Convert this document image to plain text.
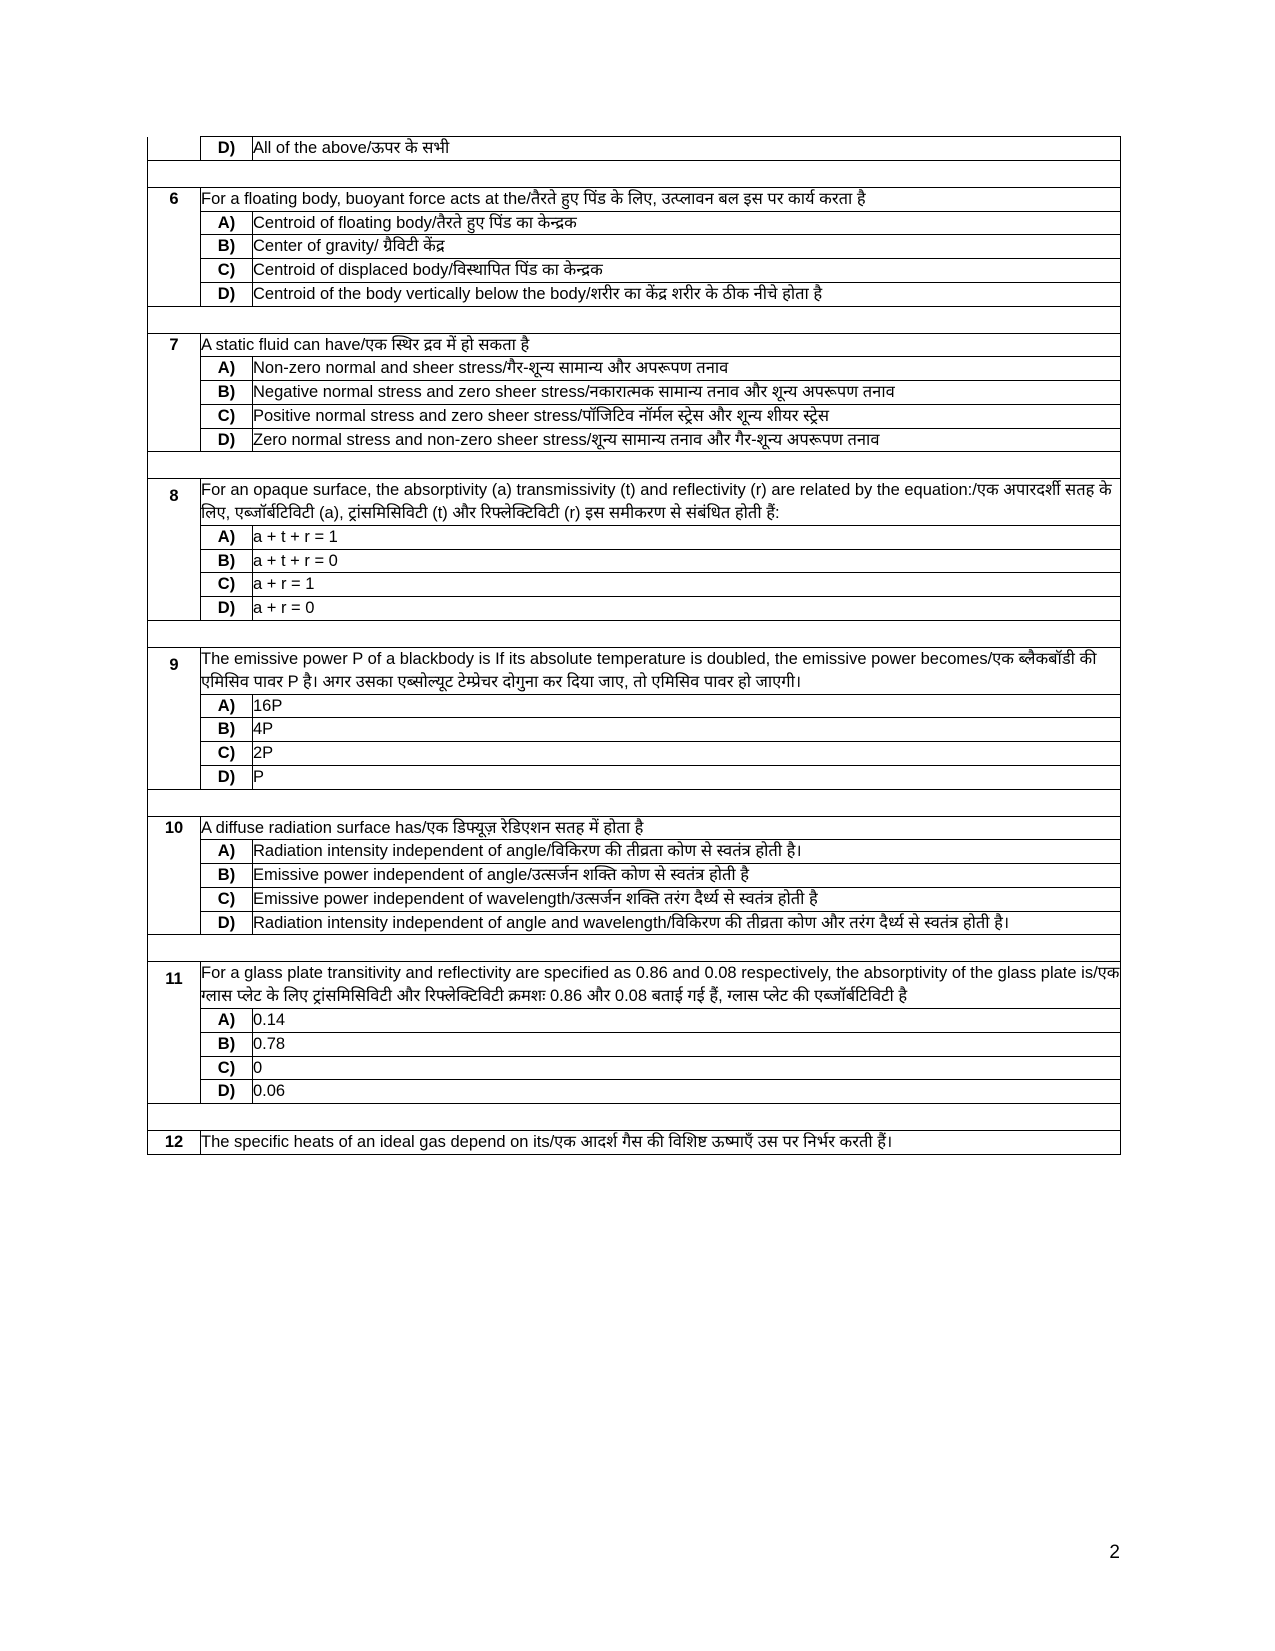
	D)	All of the above/ऊपर के सभी

6	For a floating body, buoyant force acts at the/तैरते हुए पिंड के लिए, उत्प्लावन बल इस पर कार्य करता है	
	A)	Centroid of floating body/तैरते हुए पिंड का केन्द्रक
	B)	Center of gravity/ ग्रैविटी केंद्र
	C)	Centroid of displaced body/विस्थापित पिंड का केन्द्रक
	D)	Centroid of the body vertically below the body/शरीर का केंद्र शरीर के ठीक नीचे होता है

7	A static fluid can have/एक स्थिर द्रव में हो सकता है	
	A)	Non-zero normal and sheer stress/गैर-शून्य सामान्य और अपरूपण तनाव
	B)	Negative normal stress and zero sheer stress/नकारात्मक सामान्य तनाव और शून्य अपरूपण तनाव
	C)	Positive normal stress and zero sheer stress/पॉजिटिव नॉर्मल स्ट्रेस और शून्य शीयर स्ट्रेस
	D)	Zero normal stress and non-zero sheer stress/शून्य सामान्य तनाव और गैर-शून्य अपरूपण तनाव

8	For an opaque surface, the absorptivity (a) transmissivity (t) and reflectivity (r) are related by the equation:/एक अपारदर्शी सतह के लिए, एब्जॉर्बटिविटी (a), ट्रांसमिसिविटी (t) और रिफ्लेक्टिविटी (r) इस समीकरण से संबंधित होती हैं:	
	A)	a + t + r = 1
	B)	a + t + r = 0
	C)	a + r = 1
	D)	a + r = 0

9	The emissive power P of a blackbody is If its absolute temperature is doubled, the emissive power becomes/एक ब्लैकबॉडी की एमिसिव पावर P है। अगर उसका एब्सोल्यूट टेम्प्रेचर दोगुना कर दिया जाए, तो एमिसिव पावर हो जाएगी।	
	A)	16P
	B)	4P
	C)	2P
	D)	P

10	A diffuse radiation surface has/एक डिफ्यूज़ रेडिएशन सतह में होता है	
	A)	Radiation intensity independent of angle/विकिरण की तीव्रता कोण से स्वतंत्र होती है।
	B)	Emissive power independent of angle/उत्सर्जन शक्ति कोण से स्वतंत्र होती है
	C)	Emissive power independent of wavelength/उत्सर्जन शक्ति तरंग दैर्ध्य से स्वतंत्र होती है
	D)	Radiation intensity independent of angle and wavelength/विकिरण की तीव्रता कोण और तरंग दैर्ध्य से स्वतंत्र होती है।

11	For a glass plate transitivity and reflectivity are specified as 0.86 and 0.08 respectively, the absorptivity of the glass plate is/एक ग्लास प्लेट के लिए ट्रांसमिसिविटी और रिफ्लेक्टिविटी क्रमशः 0.86 और 0.08 बताई गई हैं, ग्लास प्लेट की एब्जॉर्बटिविटी है	
	A)	0.14
	B)	0.78
	C)	0
	D)	0.06

12	The specific heats of an ideal gas depend on its/एक आदर्श गैस की विशिष्ट ऊष्माएँ उस पर निर्भर करती हैं।	
2
